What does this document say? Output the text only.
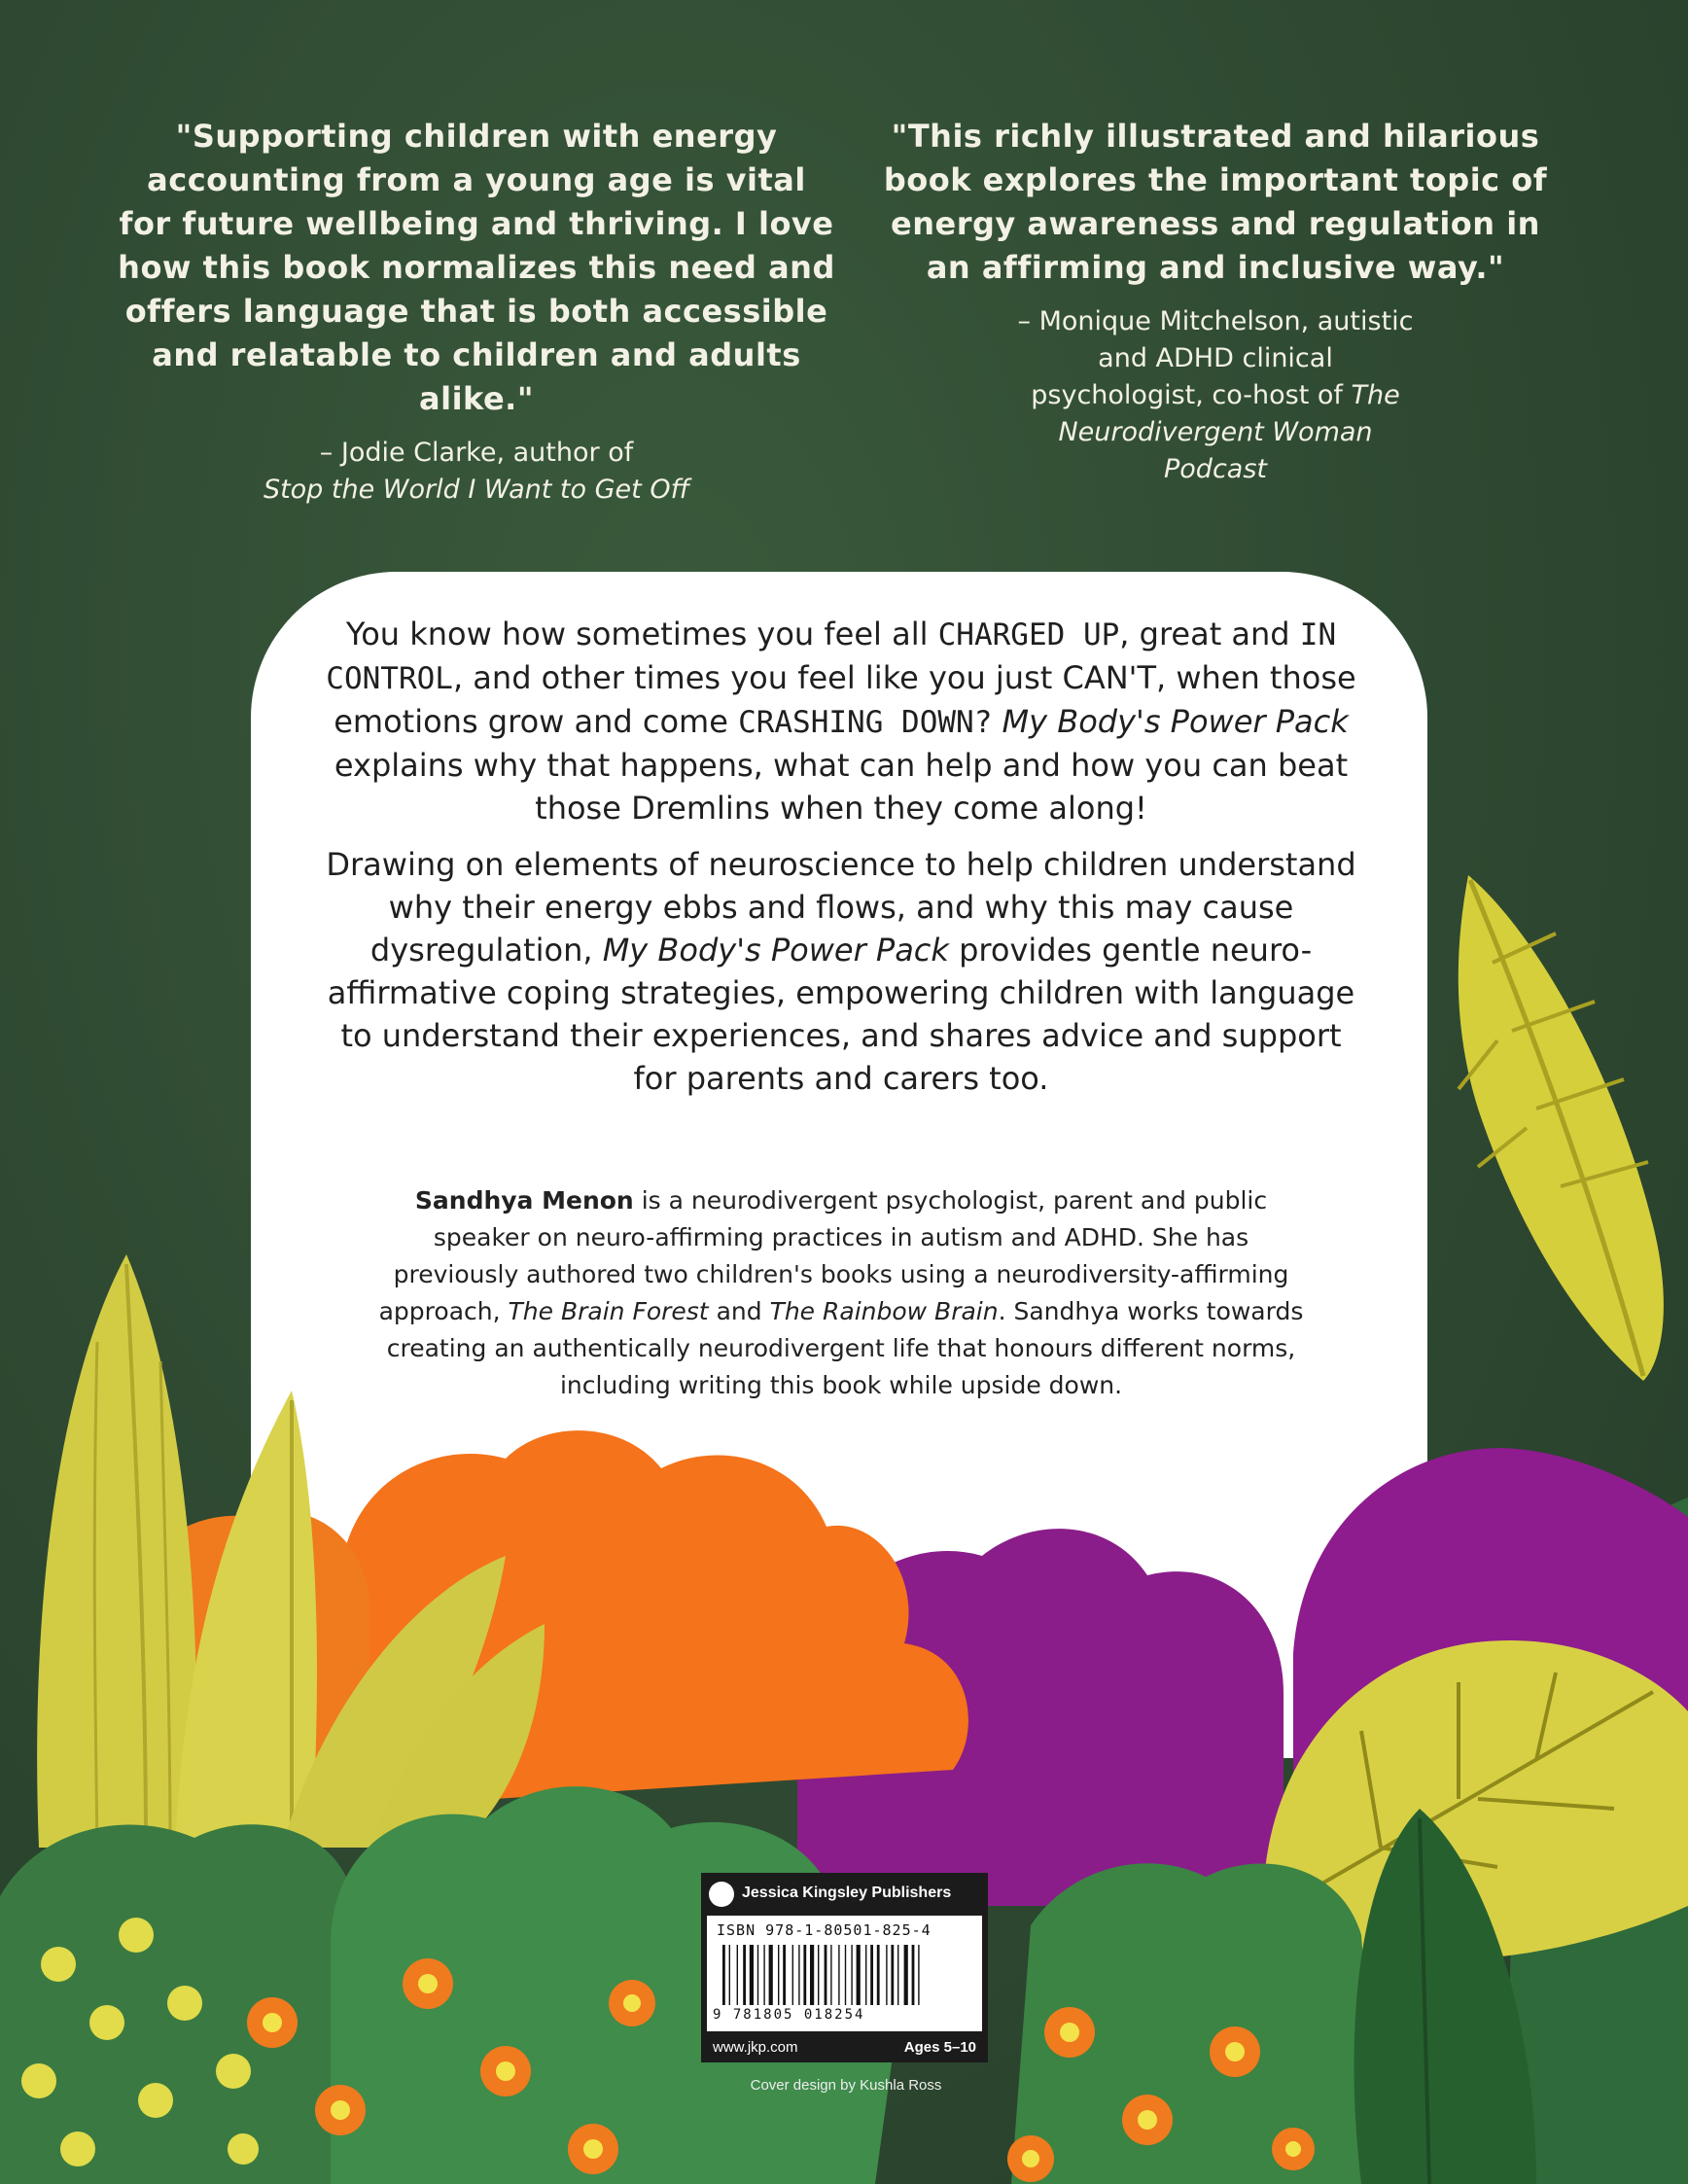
"Supporting children with energy accounting from a young age is vital for future wellbeing and thriving. I love how this book normalizes this need and offers language that is both accessible and relatable to children and adults alike."

– Jodie Clarke, author of
Stop the World I Want to Get Off

"This richly illustrated and hilarious book explores the important topic of energy awareness and regulation in an affirming and inclusive way."

– Monique Mitchelson, autistic and ADHD clinical psychologist, co-host of The Neurodivergent Woman Podcast

You know how sometimes you feel all CHARGED UP, great and IN CONTROL, and other times you feel like you just CAN'T, when those emotions grow and come CRASHING DOWN? My Body's Power Pack explains why that happens, what can help and how you can beat those Dremlins when they come along!

Drawing on elements of neuroscience to help children understand why their energy ebbs and flows, and why this may cause dysregulation, My Body's Power Pack provides gentle neuro-affirmative coping strategies, empowering children with language to understand their experiences, and shares advice and support for parents and carers too.

Sandhya Menon is a neurodivergent psychologist, parent and public speaker on neuro-affirming practices in autism and ADHD. She has previously authored two children's books using a neurodiversity-affirming approach, The Brain Forest and The Rainbow Brain. Sandhya works towards creating an authentically neurodivergent life that honours different norms, including writing this book while upside down.
Jessica Kingsley Publishers
ISBN 978-1-80501-825-4
9 781805 018254
www.jkp.com	Ages 5–10
Cover design by Kushla Ross
